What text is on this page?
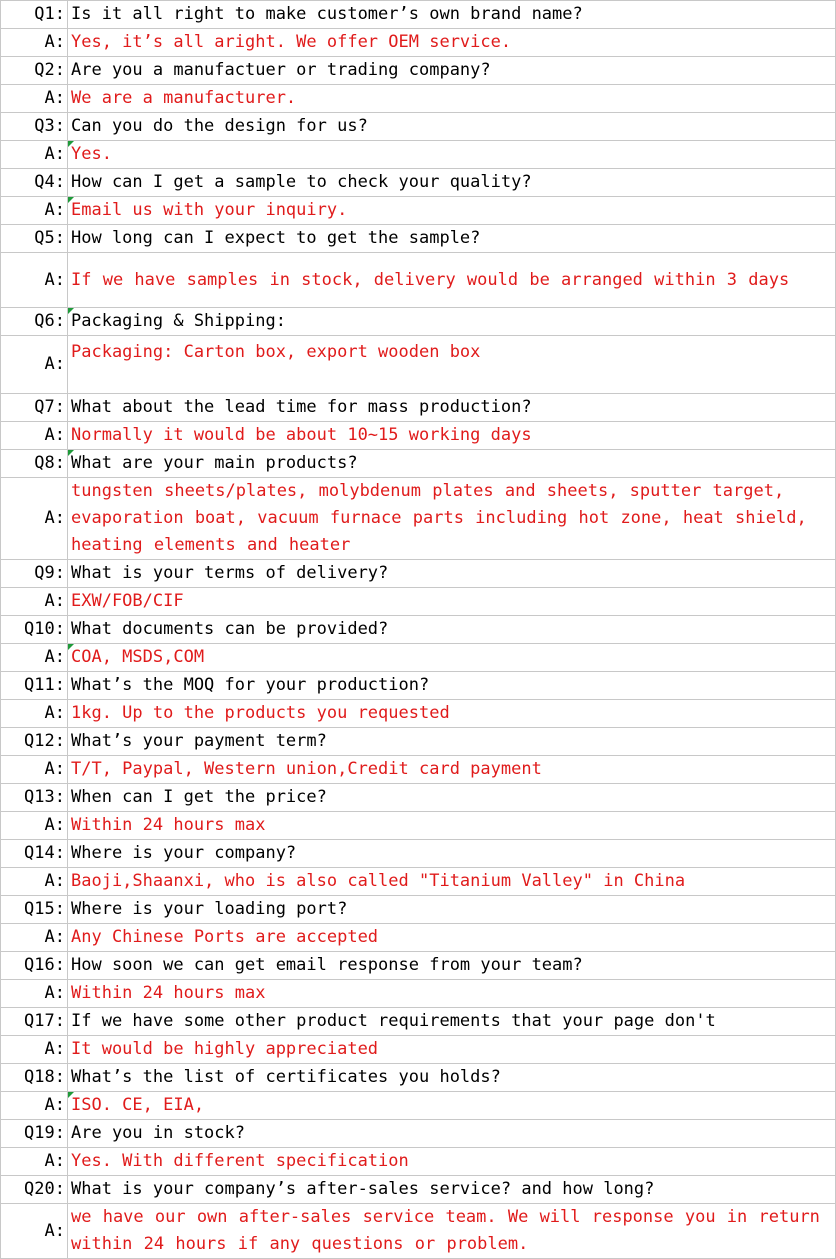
Q1:	Is it all right to make customer’s own brand name?
A:	Yes, it’s all aright. We offer OEM service.
Q2:	Are you a manufactuer or trading company?
A:	We are a manufacturer.
Q3:	Can you do the design for us?
A:	Yes.
Q4:	How can I get a sample to check your quality?
A:	Email us with your inquiry.
Q5:	How long can I expect to get the sample?
A:	If we have samples in stock, delivery would be arranged within 3 days
Q6:	Packaging & Shipping:
A:	Packaging: Carton box, export wooden box
Q7:	What about the lead time for mass production?
A:	Normally it would be about 10~15 working days
Q8:	What are your main products?
A:	tungsten sheets/plates, molybdenum plates and sheets, sputter target, evaporation boat, vacuum furnace parts including hot zone, heat shield, heating elements and heater
Q9:	What is your terms of delivery?
A:	EXW/FOB/CIF
Q10:	What documents can be provided?
A:	COA, MSDS,COM
Q11:	What’s the MOQ for your production?
A:	1kg. Up to the products you requested
Q12:	What’s your payment term?
A:	T/T, Paypal, Western union,Credit card payment
Q13:	When can I get the price?
A:	Within 24 hours max
Q14:	Where is your company?
A:	Baoji,Shaanxi, who is also called "Titanium Valley" in China
Q15:	Where is your loading port?
A:	Any Chinese Ports are accepted
Q16:	How soon we can get email response from your team?
A:	Within 24 hours max
Q17:	If we have some other product requirements that your page don't
A:	It would be highly appreciated
Q18:	What’s the list of certificates you holds?
A:	ISO. CE, EIA,
Q19:	Are you in stock?
A:	Yes. With different specification
Q20:	What is your company’s after-sales service? and how long?
A:	we have our own after-sales service team. We will response you in return within 24 hours if any questions or problem.
